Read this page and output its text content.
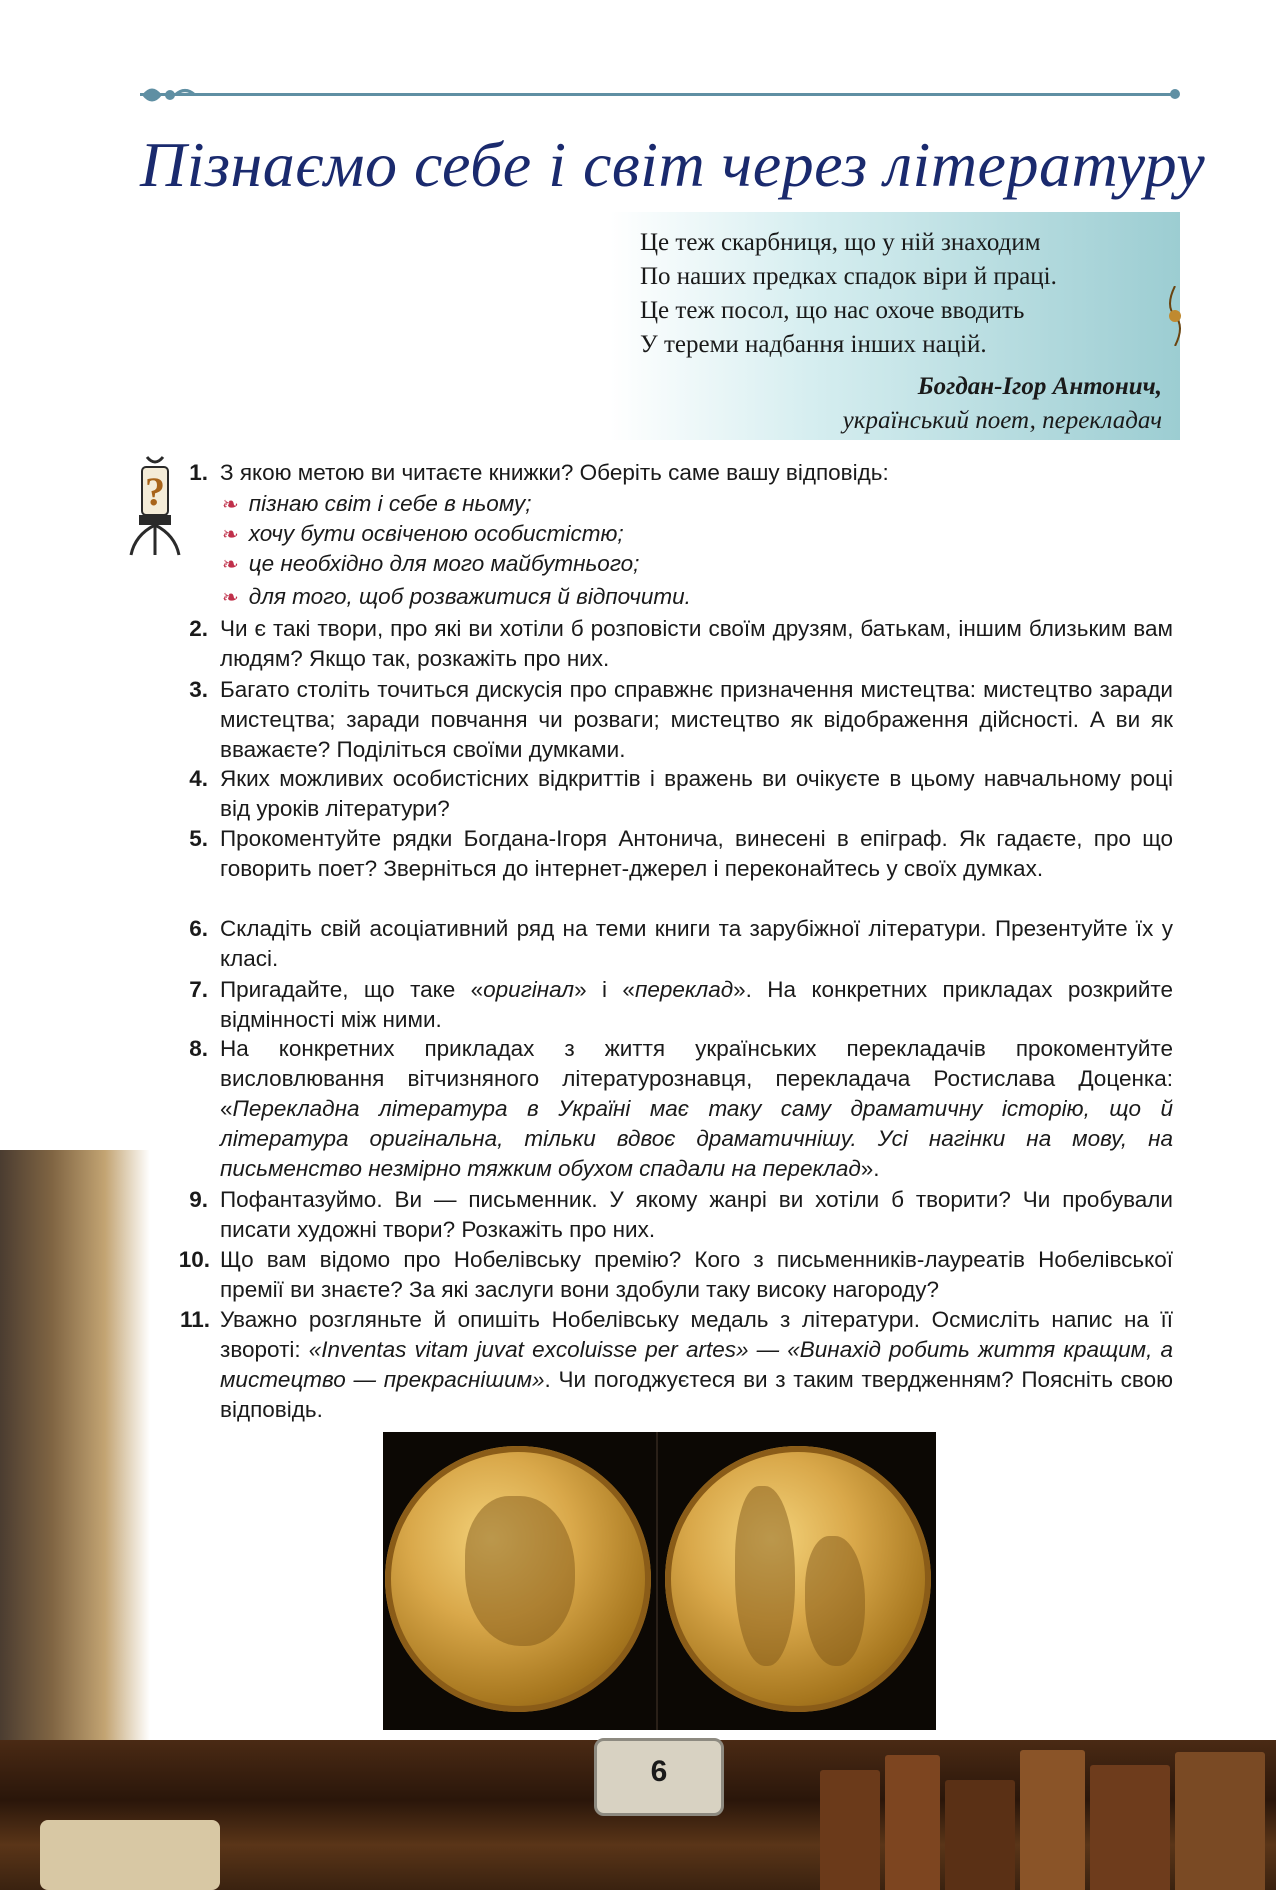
Пізнаємо себе і світ через літературу
Це теж скарбниця, що у ній знаходим
По наших предках спадок віри й праці.
Це теж посол, що нас охоче вводить
У тереми надбання інших націй.
Богдан-Ігор Антонич,
український поет, перекладач
?	1. З якою метою ви читаєте книжки? Оберіть саме вашу відповідь:
❧ пізнаю світ і себе в ньому;
❧ хочу бути освіченою особистістю;
❧ це необхідно для мого майбутнього;
❧ для того, щоб розважитися й відпочити.
2. Чи є такі твори, про які ви хотіли б розповісти своїм друзям, батькам, іншим близьким вам людям? Якщо так, розкажіть про них.
3. Багато століть точиться дискусія про справжнє призначення мистецтва: мистецтво заради мистецтва; заради повчання чи розваги; мистецтво як відображення дійсності. А ви як вважаєте? Поділіться своїми думками.
4. Яких можливих особистісних відкриттів і вражень ви очікуєте в цьому навчальному році від уроків літератури?
5. Прокоментуйте рядки Богдана-Ігоря Антонича, винесені в епіграф. Як гадаєте, про що говорить поет? Зверніться до інтернет-джерел і переконайтесь у своїх думках.
6. Складіть свій асоціативний ряд на теми книги та зарубіжної літератури. Презентуйте їх у класі.
7. Пригадайте, що таке «оригінал» і «переклад». На конкретних прикладах розкрийте відмінності між ними.
8. На конкретних прикладах з життя українських перекладачів прокоментуйте висловлювання вітчизняного літературознавця, перекладача Ростислава Доценка: «Перекладна література в Україні має таку саму драматичну історію, що й література оригінальна, тільки вдвоє драматичнішу. Усі нагінки на мову, на письменство незмірно тяжким обухом спадали на переклад».
9. Пофантазуймо. Ви — письменник. У якому жанрі ви хотіли б творити? Чи пробували писати художні твори? Розкажіть про них.
10. Що вам відомо про Нобелівську премію? Кого з письменників-лауреатів Нобелівської премії ви знаєте? За які заслуги вони здобули таку високу нагороду?
11. Уважно розгляньте й опишіть Нобелівську медаль з літератури. Осмисліть напис на її звороті: «Inventas vitam juvat excoluisse per artes» — «Винахід робить життя кращим, а мистецтво — прекраснішим». Чи погоджуєтеся ви з таким твердженням? Поясніть свою відповідь.
6
